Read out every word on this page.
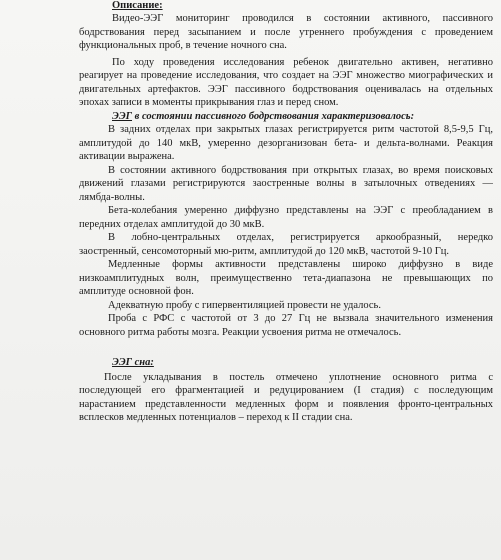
Описание:
Видео-ЭЭГ мониторинг проводился в состоянии активного, пассивного
бодрствования перед засыпанием и после утреннего пробуждения с проведением
функциональных проб, в течение ночного сна.
По ходу проведения исследования ребенок двигательно активен, негативно
реагирует на проведение исследования, что создает на ЭЭГ множество миографических и
двигательных артефактов. ЭЭГ пассивного бодрствования оценивалась на отдельных
эпохах записи в моменты прикрывания глаз и перед сном.
ЭЭГ в состоянии пассивного бодрствования характеризовалось:
В задних отделах при закрытых глазах регистрируется ритм частотой 8,5-9,5 Гц,
амплитудой до 140 мкВ, умеренно дезорганизован бета- и дельта-волнами. Реакция
активации выражена.
В состоянии активного бодрствования при открытых глазах, во время поисковых
движений глазами регистрируются заостренные волны в затылочных отведениях —
лямбда-волны.
Бета-колебания умеренно диффузно представлены на ЭЭГ с преобладанием в
передних отделах амплитудой до 30 мкВ.
В лобно-центральных отделах, регистрируется аркообразный, нередко
заостренный, сенсомоторный мю-ритм, амплитудой до 120 мкВ, частотой 9-10 Гц.
Медленные формы активности представлены широко диффузно в виде
низкоамплитудных волн, преимущественно тета-диапазона не превышающих по
амплитуде основной фон.
Адекватную пробу с гипервентиляцией провести не удалось.
Проба с РФС с частотой от 3 до 27 Гц не вызвала значительного изменения
основного ритма работы мозга. Реакции усвоения ритма не отмечалось.
ЭЭГ сна:
После укладывания в постель отмечено уплотнение основного ритма с
последующей его фрагментацией и редуцированием (I стадия) с последующим
нарастанием представленности медленных форм и появления фронто-центральных
всплесков медленных потенциалов – переход к II стадии сна.
